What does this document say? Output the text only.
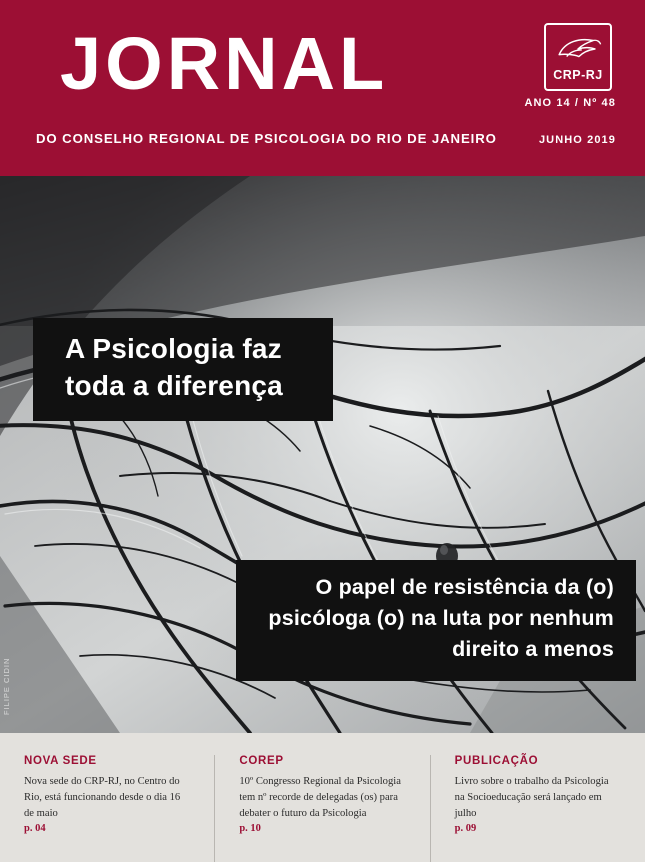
JORNAL
DO CONSELHO REGIONAL DE PSICOLOGIA DO RIO DE JANEIRO
CRP-RJ
ANO 14 / Nº 48
JUNHO 2019
A Psicologia faz toda a diferença
O papel de resistência da (o) psicóloga (o) na luta por nenhum direito a menos
FILIPE CIDIN
NOVA SEDE
Nova sede do CRP-RJ, no Centro do Rio, está funcionando desde o dia 16 de maio
p. 04
COREP
10º Congresso Regional da Psicologia tem nº recorde de delegadas (os) para debater o futuro da Psicologia
p. 10
PUBLICAÇÃO
Livro sobre o trabalho da Psicologia na Socioeducação será lançado em julho
p. 09
